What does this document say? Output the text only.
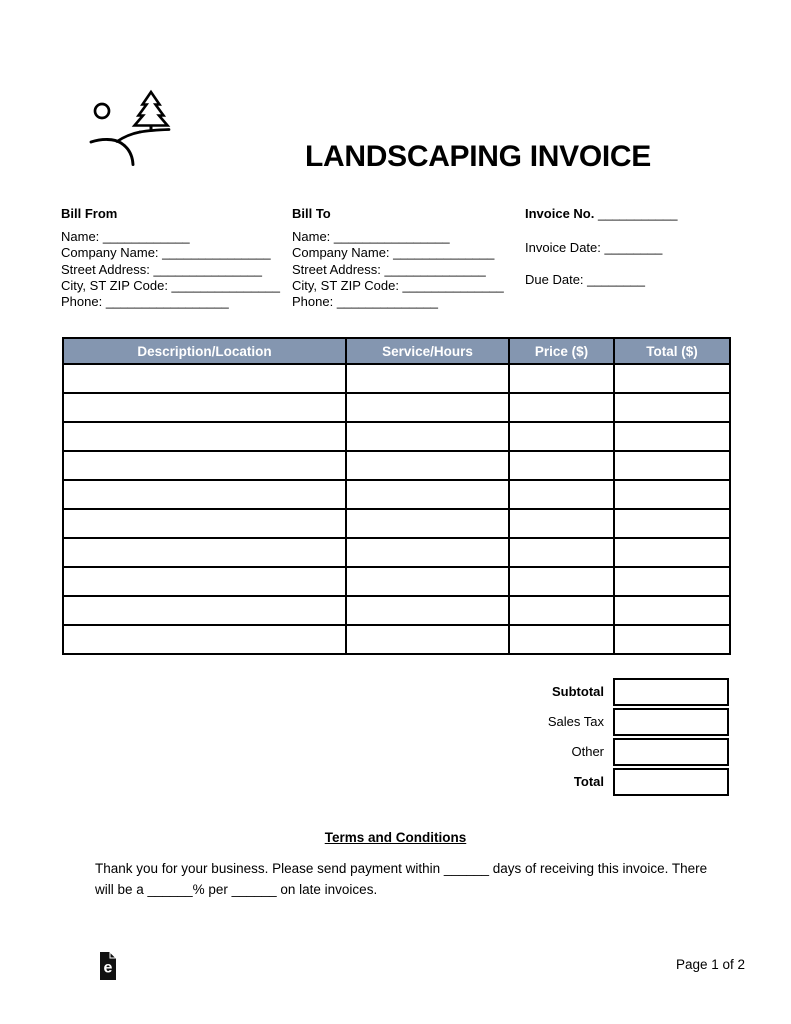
LANDSCAPING INVOICE
Bill From
Name: ____________
Company Name: _______________
Street Address: _______________
City, ST ZIP Code: _______________
Phone: _________________
Bill To
Name: ________________
Company Name: ______________
Street Address: ______________
City, ST ZIP Code: ______________
Phone: ______________
Invoice No. ___________
Invoice Date: ________
Due Date: ________
Description/Location	Service/Hours	Price ($)	Total ($)

Subtotal
Sales Tax
Other
Total
Terms and Conditions
Thank you for your business. Please send payment within ______ days of receiving this invoice. There
will be a ______% per ______ on late invoices.
e	Page 1 of 2
